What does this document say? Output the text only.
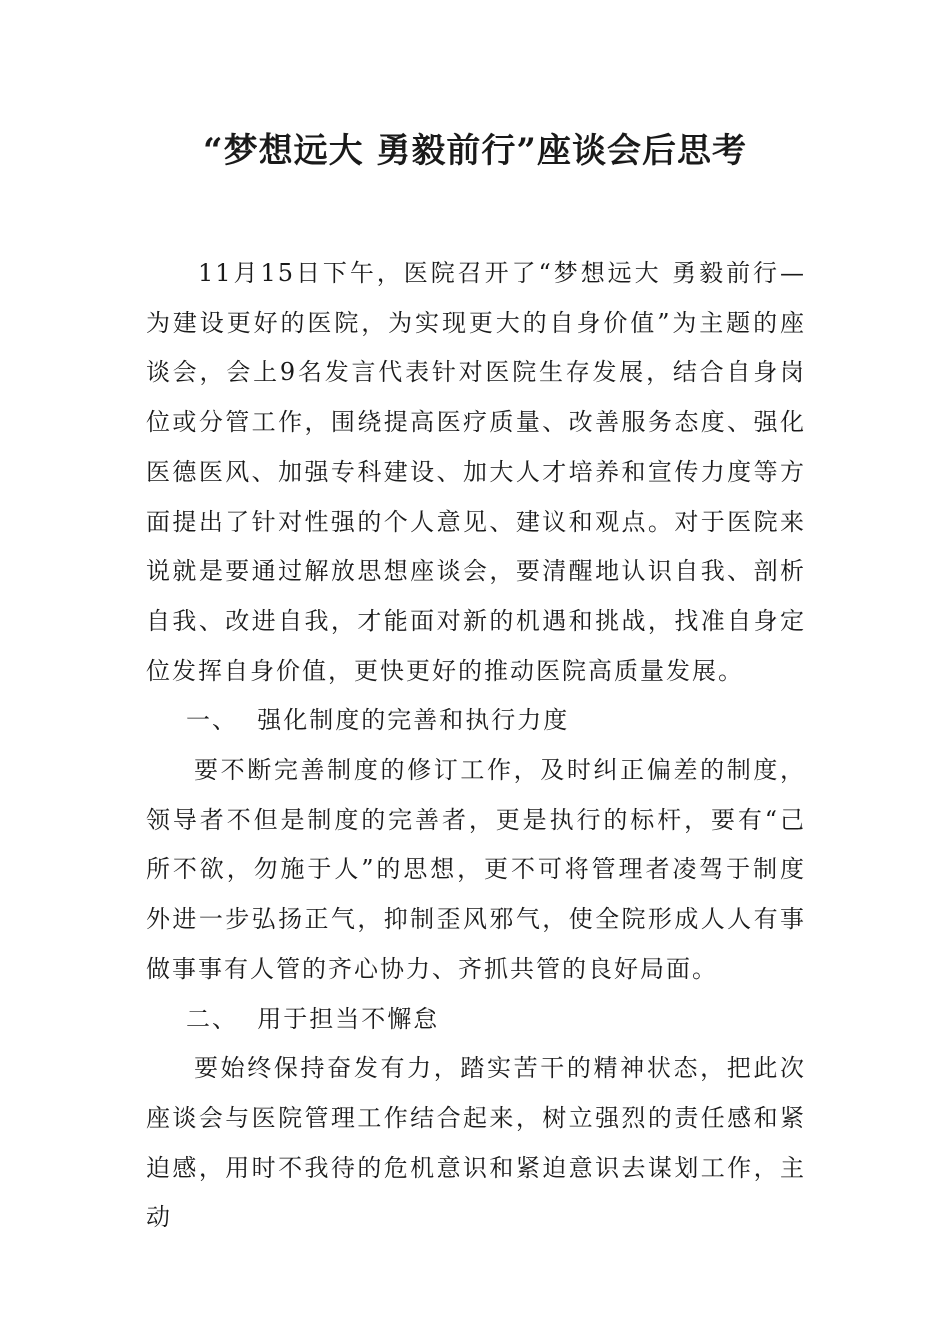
“梦想远大 勇毅前行”座谈会后思考

11月15日下午，医院召开了“梦想远大 勇毅前行—为建设更好的医院，为实现更大的自身价值”为主题的座谈会，会上9名发言代表针对医院生存发展，结合自身岗位或分管工作，围绕提高医疗质量、改善服务态度、强化医德医风、加强专科建设、加大人才培养和宣传力度等方面提出了针对性强的个人意见、建议和观点。对于医院来说就是要通过解放思想座谈会，要清醒地认识自我、剖析自我、改进自我，才能面对新的机遇和挑战，找准自身定位发挥自身价值，更快更好的推动医院高质量发展。

一、  强化制度的完善和执行力度

要不断完善制度的修订工作，及时纠正偏差的制度，领导者不但是制度的完善者，更是执行的标杆，要有“己所不欲，勿施于人”的思想，更不可将管理者凌驾于制度外进一步弘扬正气，抑制歪风邪气，使全院形成人人有事做事事有人管的齐心协力、齐抓共管的良好局面。

二、  用于担当不懈怠

要始终保持奋发有力，踏实苦干的精神状态，把此次座谈会与医院管理工作结合起来，树立强烈的责任感和紧迫感，用时不我待的危机意识和紧迫意识去谋划工作，主动
